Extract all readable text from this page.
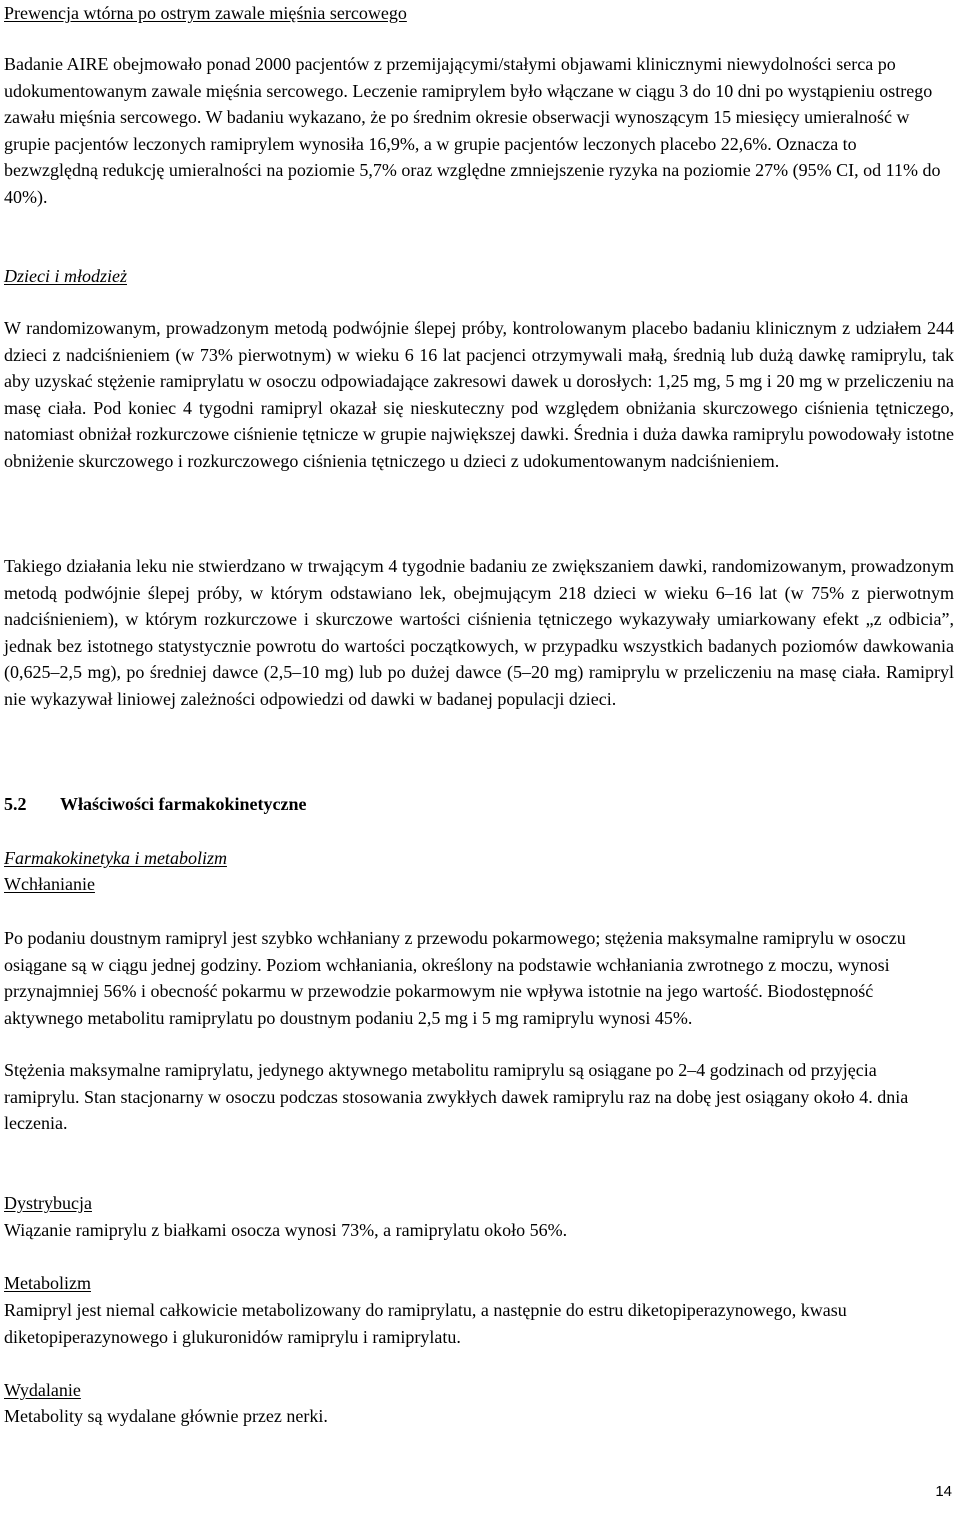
Prewencja wtórna po ostrym zawale mięśnia sercowego

Badanie AIRE obejmowało ponad 2000 pacjentów z przemijającymi/stałymi objawami klinicznymi niewydolności serca po udokumentowanym zawale mięśnia sercowego. Leczenie ramiprylem było włączane w ciągu 3 do 10 dni po wystąpieniu ostrego zawału mięśnia sercowego. W badaniu wykazano, że po średnim okresie obserwacji wynoszącym 15 miesięcy umieralność w grupie pacjentów leczonych ramiprylem wynosiła 16,9%, a w grupie pacjentów leczonych placebo 22,6%. Oznacza to bezwzględną redukcję umieralności na poziomie 5,7% oraz względne zmniejszenie ryzyka na poziomie 27% (95% CI, od 11% do 40%).

Dzieci i młodzież

W randomizowanym, prowadzonym metodą podwójnie ślepej próby, kontrolowanym placebo badaniu klinicznym z udziałem 244 dzieci z nadciśnieniem (w 73% pierwotnym) w wieku 6 16 lat pacjenci otrzymywali małą, średnią lub dużą dawkę ramiprylu, tak aby uzyskać stężenie ramiprylatu w osoczu odpowiadające zakresowi dawek u dorosłych: 1,25 mg, 5 mg i 20 mg w przeliczeniu na masę ciała. Pod koniec 4 tygodni ramipryl okazał się nieskuteczny pod względem obniżania skurczowego ciśnienia tętniczego, natomiast obniżał rozkurczowe ciśnienie tętnicze w grupie największej dawki. Średnia i duża dawka ramiprylu powodowały istotne obniżenie skurczowego i rozkurczowego ciśnienia tętniczego u dzieci z udokumentowanym nadciśnieniem.

Takiego działania leku nie stwierdzano w trwającym 4 tygodnie badaniu ze zwiększaniem dawki, randomizowanym, prowadzonym metodą podwójnie ślepej próby, w którym odstawiano lek, obejmującym 218 dzieci w wieku 6–16 lat (w 75% z pierwotnym nadciśnieniem), w którym rozkurczowe i skurczowe wartości ciśnienia tętniczego wykazywały umiarkowany efekt „z odbicia”, jednak bez istotnego statystycznie powrotu do wartości początkowych, w przypadku wszystkich badanych poziomów dawkowania (0,625–2,5 mg), po średniej dawce (2,5–10 mg) lub po dużej dawce (5–20 mg) ramiprylu w przeliczeniu na masę ciała. Ramipryl nie wykazywał liniowej zależności odpowiedzi od dawki w badanej populacji dzieci.

5.2	Właściwości farmakokinetyczne

Farmakokinetyka i metabolizm

Wchłanianie

Po podaniu doustnym ramipryl jest szybko wchłaniany z przewodu pokarmowego; stężenia maksymalne ramiprylu w osoczu osiągane są w ciągu jednej godziny. Poziom wchłaniania, określony na podstawie wchłaniania zwrotnego z moczu, wynosi przynajmniej 56% i obecność pokarmu w przewodzie pokarmowym nie wpływa istotnie na jego wartość. Biodostępność aktywnego metabolitu ramiprylatu po doustnym podaniu 2,5 mg i 5 mg ramiprylu wynosi 45%.

Stężenia maksymalne ramiprylatu, jedynego aktywnego metabolitu ramiprylu są osiągane po 2–4 godzinach od przyjęcia ramiprylu. Stan stacjonarny w osoczu podczas stosowania zwykłych dawek ramiprylu raz na dobę jest osiągany około 4. dnia leczenia.

Dystrybucja

Wiązanie ramiprylu z białkami osocza wynosi 73%, a ramiprylatu około 56%.

Metabolizm

Ramipryl jest niemal całkowicie metabolizowany do ramiprylatu, a następnie do estru diketopiperazynowego, kwasu diketopiperazynowego i glukuronidów ramiprylu i ramiprylatu.

Wydalanie

Metabolity są wydalane głównie przez nerki.

14
